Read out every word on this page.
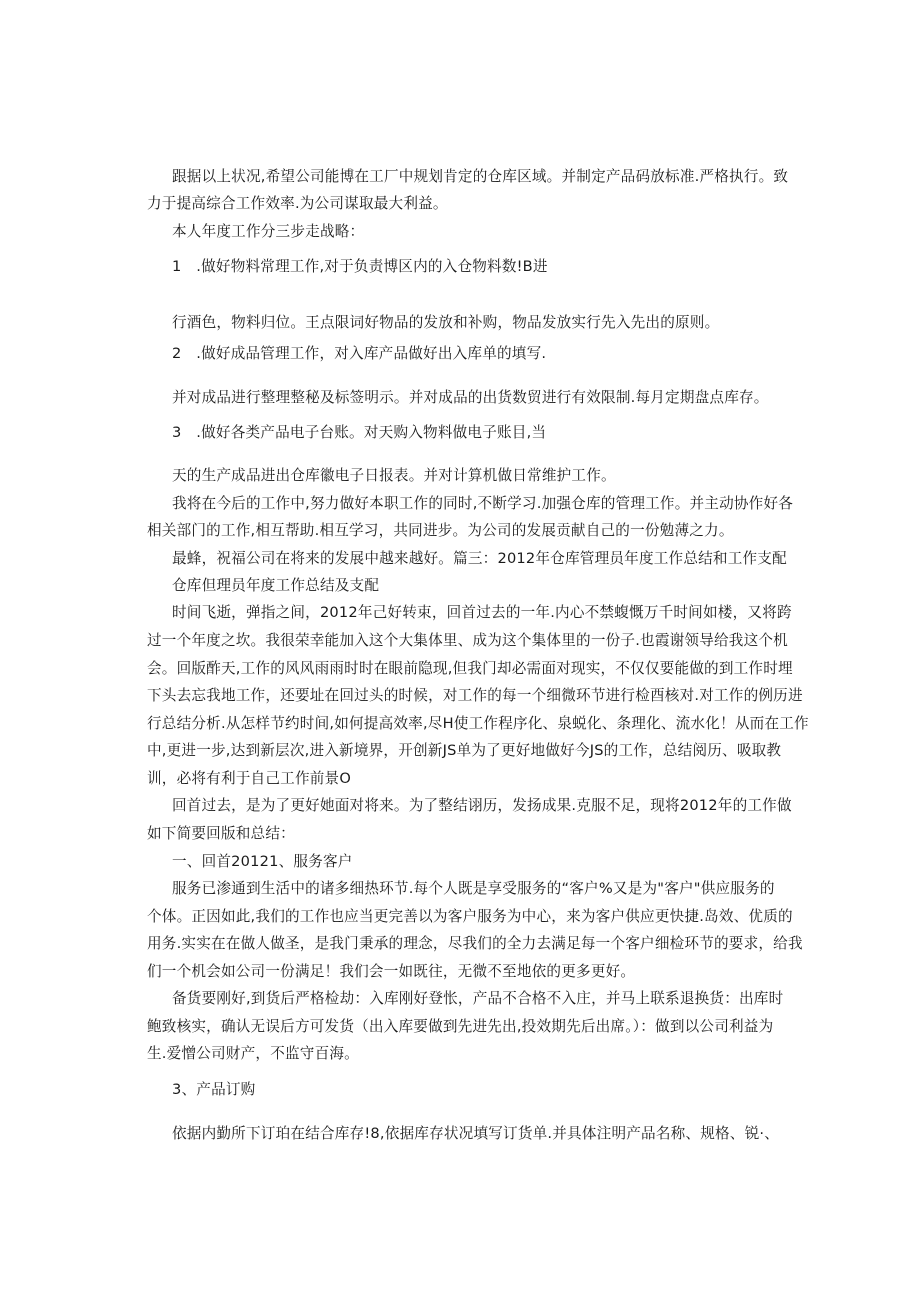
跟据以上状况,希望公司能博在工厂中规划肯定的仓库区域。并制定产品码放标准.严格执行。致
力于提高综合工作效率.为公司谋取最大利益。
本人年度工作分三步走战略：
1　.做好物料常理工作,对于负责博区内的入仓物料数!B进
行酒色，物料归位。王点限词好物品的发放和补购，物品发放实行先入先出的原则。
2　.做好成品管理工作，对入库产品做好出入库单的填写.
并对成品进行整理整秘及标签明示。并对成品的出货数贸进行有效限制.每月定期盘点库存。
3　.做好各类产品电子台账。对天购入物料做电子账目,当
天的生产成品进出仓库徽电子日报表。并对计算机做日常维护工作。
我将在今后的工作中,努力做好本职工作的同时,不断学习.加强仓库的管理工作。并主动协作好各
相关部门的工作,相互帮助.相互学习，共同进步。为公司的发展贡献自己的一份勉薄之力。
最蜂，祝福公司在将来的发展中越来越好。篇三：2012年仓库管理员年度工作总结和工作支配
仓库但理员年度工作总结及支配
时间飞逝，弹指之间，2012年己好转束，回首过去的一年.内心不禁蝮慨万千时间如楼，又将跨
过一个年度之坎。我很荣幸能加入这个大集体里、成为这个集体里的一份子.也霞谢领导给我这个机
会。回版酢天,工作的风风雨雨时时在眼前隐现,但我门却必需面对现实，不仅仅要能做的到工作时埋
下头去忘我地工作，还要址在回过头的时候，对工作的每一个细微环节进行检酉核对.对工作的例历进
行总结分析.从怎样节约时间,如何提高效率,尽H使工作程序化、泉蜕化、条理化、流水化！从而在工作
中,更进一步,达到新层次,进入新境界，开创新JS单为了更好地做好今JS的工作，总结阅历、吸取教
训，必将有利于自己工作前景O
回首过去，是为了更好她面对将来。为了整结诩历，发扬成果.克服不足，现将2012年的工作做
如下简要回版和总结：
一、回首20121、服务客户
服务已渗通到生活中的诸多细热环节.每个人既是享受服务的“客户%又是为"客户"供应服务的
个体。正因如此,我们的工作也应当更完善以为客户服务为中心，来为客户供应更快捷.岛效、优质的
用务.实实在在做人做圣，是我门秉承的理念，尽我们的全力去满足每一个客户细检环节的要求，给我
们一个机会如公司一份满足！我们会一如既往，无微不至地依的更多更好。
备货要刚好,到货后严格检劫：入库刚好登怅，产品不合格不入庄，并马上联系退换货：出库时
鲍致核实，确认无误后方可发货（出入库要做到先进先出,投效期先后出席。）：做到以公司利益为
生.爱憎公司财产，不监守百海。
3、产品订购
依据内勤所下订珀在结合库存!8,依据库存状况填写订货单.并具体注明产品名称、规格、锐·、
